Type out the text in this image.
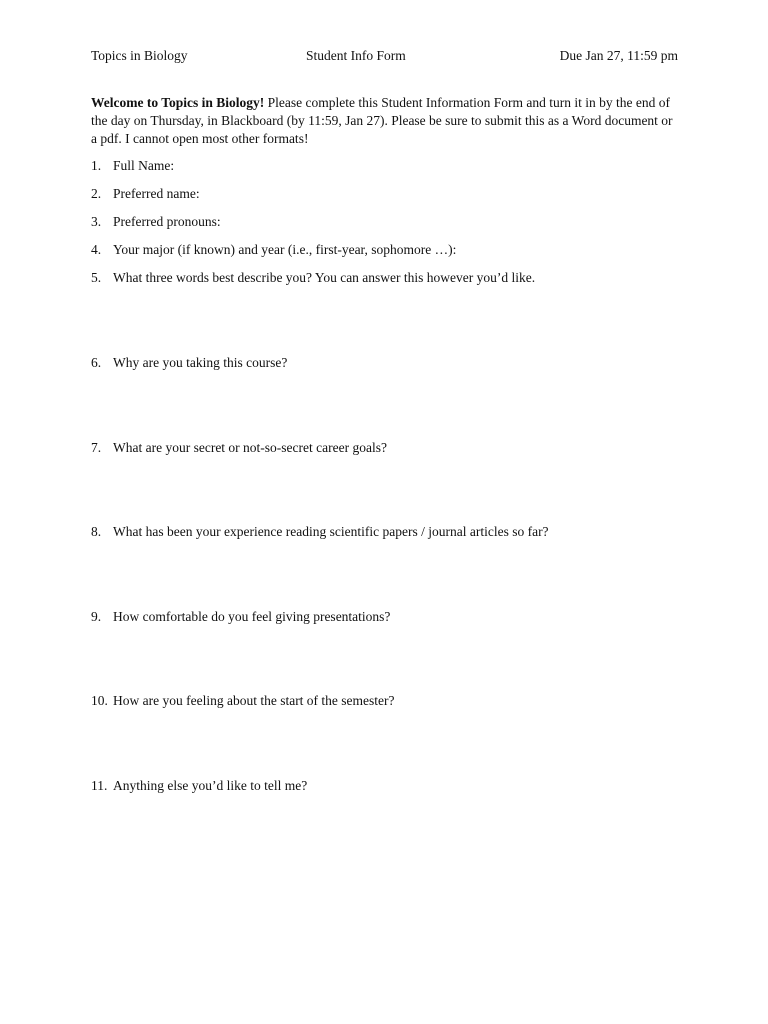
Topics in Biology	Student Info Form	Due Jan 27, 11:59 pm
Welcome to Topics in Biology! Please complete this Student Information Form and turn it in by the end of the day on Thursday, in Blackboard (by 11:59, Jan 27). Please be sure to submit this as a Word document or a pdf. I cannot open most other formats!
1. Full Name:
2. Preferred name:
3. Preferred pronouns:
4. Your major (if known) and year (i.e., first-year, sophomore …):
5. What three words best describe you? You can answer this however you’d like.
6. Why are you taking this course?
7. What are your secret or not-so-secret career goals?
8. What has been your experience reading scientific papers / journal articles so far?
9. How comfortable do you feel giving presentations?
10. How are you feeling about the start of the semester?
11. Anything else you’d like to tell me?
